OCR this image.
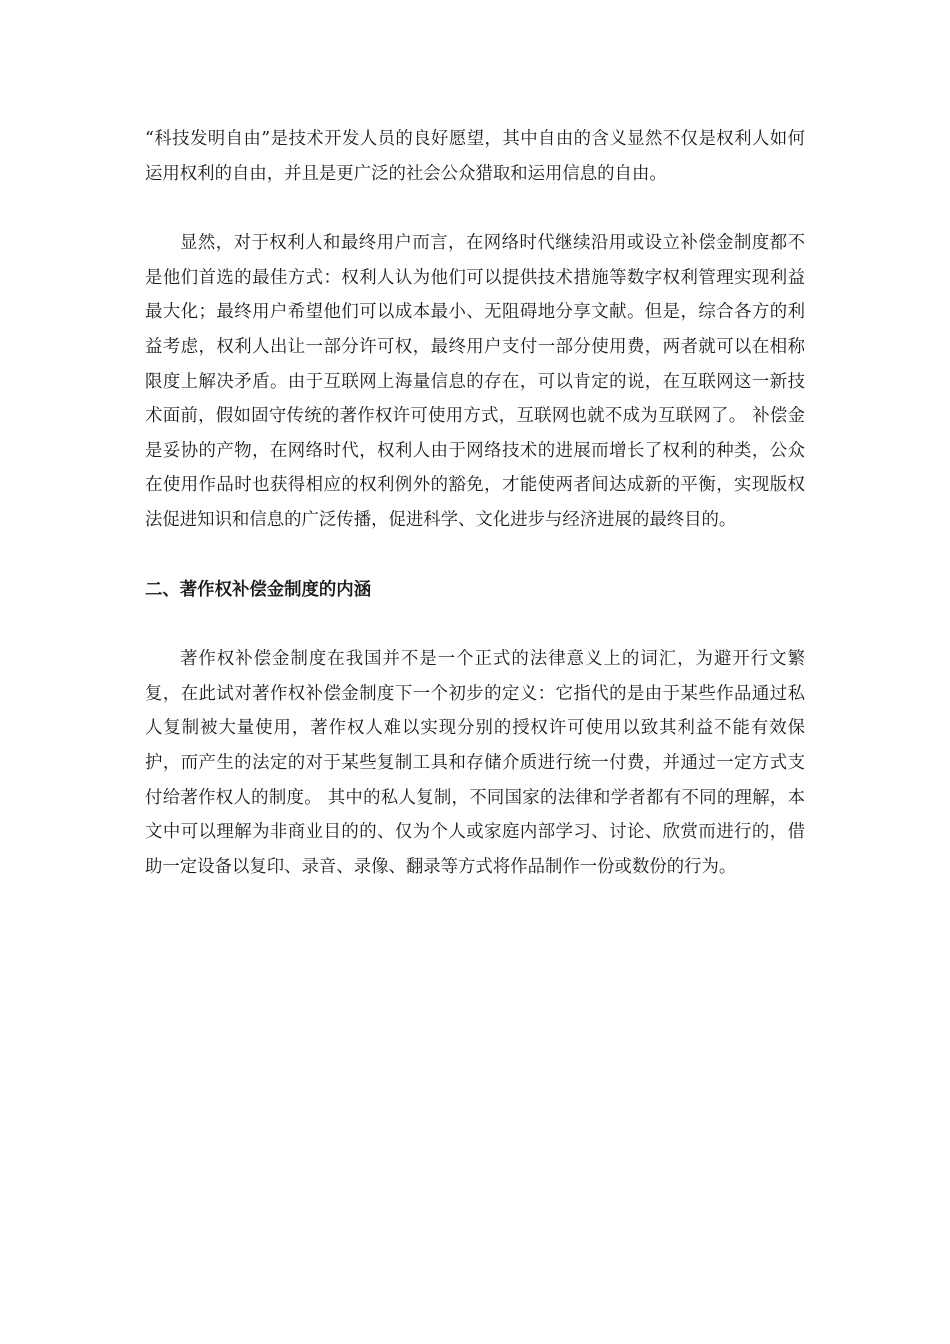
“科技发明自由”是技术开发人员的良好愿望，其中自由的含义显然不仅是权利人如何运用权利的自由，并且是更广泛的社会公众猎取和运用信息的自由。

显然，对于权利人和最终用户而言，在网络时代继续沿用或设立补偿金制度都不是他们首选的最佳方式：权利人认为他们可以提供技术措施等数字权利管理实现利益最大化；最终用户希望他们可以成本最小、无阻碍地分享文献。但是，综合各方的利益考虑，权利人出让一部分许可权，最终用户支付一部分使用费，两者就可以在相称限度上解决矛盾。由于互联网上海量信息的存在，可以肯定的说，在互联网这一新技术面前，假如固守传统的著作权许可使用方式，互联网也就不成为互联网了。 补偿金是妥协的产物，在网络时代，权利人由于网络技术的进展而增长了权利的种类，公众在使用作品时也获得相应的权利例外的豁免，才能使两者间达成新的平衡，实现版权法促进知识和信息的广泛传播，促进科学、文化进步与经济进展的最终目的。

二、著作权补偿金制度的内涵

著作权补偿金制度在我国并不是一个正式的法律意义上的词汇，为避开行文繁复，在此试对著作权补偿金制度下一个初步的定义：它指代的是由于某些作品通过私人复制被大量使用，著作权人难以实现分别的授权许可使用以致其利益不能有效保护，而产生的法定的对于某些复制工具和存储介质进行统一付费，并通过一定方式支付给著作权人的制度。 其中的私人复制，不同国家的法律和学者都有不同的理解，本文中可以理解为非商业目的的、仅为个人或家庭内部学习、讨论、欣赏而进行的，借助一定设备以复印、录音、录像、翻录等方式将作品制作一份或数份的行为。
